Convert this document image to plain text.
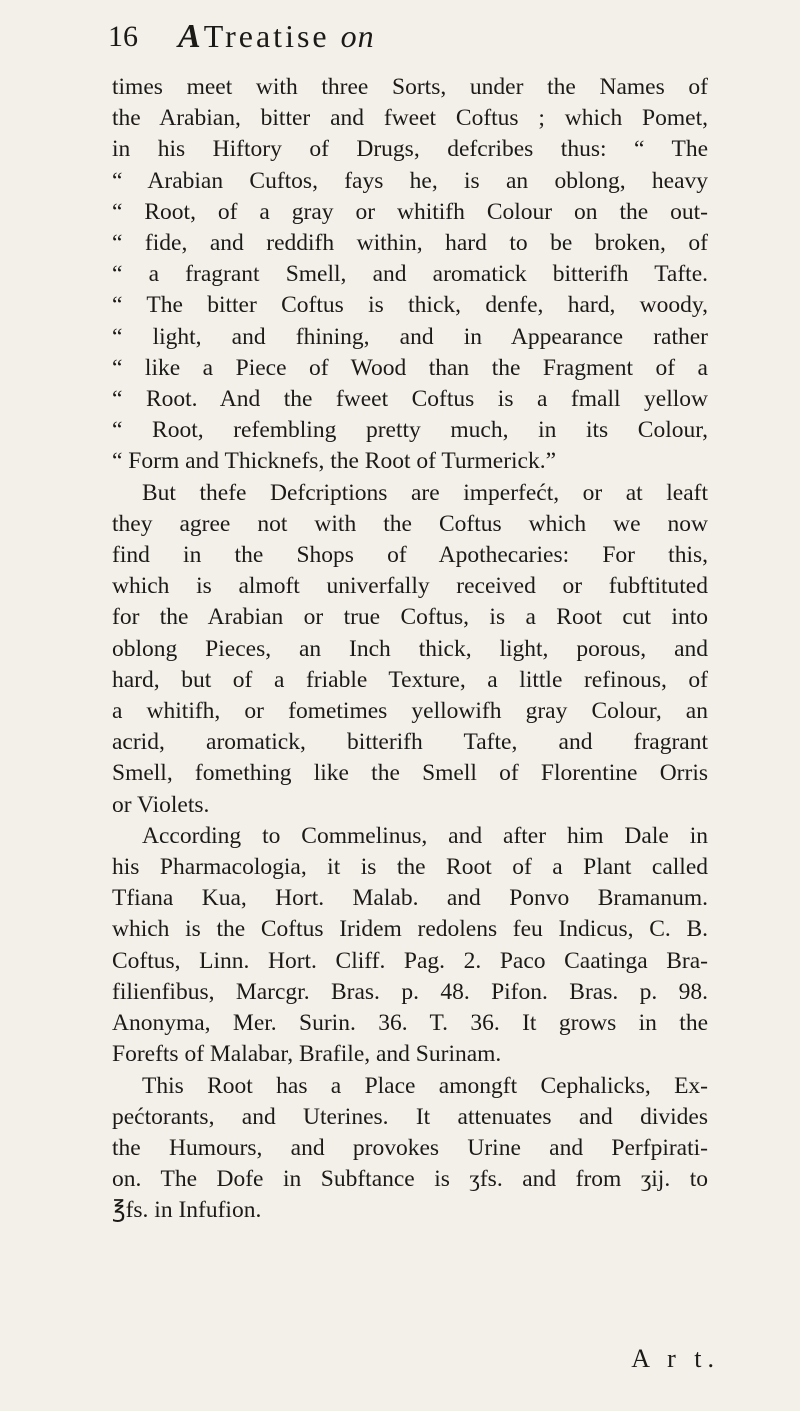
16 ATreatise on
times meet with three Sorts, under the Names of
the Arabian, bitter and fweet Coftus ; which Pomet,
in his Hiftory of Drugs, defcribes thus: “ The
“ Arabian Cuftos, fays he, is an oblong, heavy
“ Root, of a gray or whitifh Colour on the out-
“ fide, and reddifh within, hard to be broken, of
“ a fragrant Smell, and aromatick bitterifh Tafte.
“ The bitter Coftus is thick, denfe, hard, woody,
“ light, and fhining, and in Appearance rather
“ like a Piece of Wood than the Fragment of a
“ Root. And the fweet Coftus is a fmall yellow
“ Root, refembling pretty much, in its Colour,
“ Form and Thicknefs, the Root of Turmerick.”
But thefe Defcriptions are imperfećt, or at leaft
they agree not with the Coftus which we now
find in the Shops of Apothecaries: For this,
which is almoft univerfally received or fubftituted
for the Arabian or true Coftus, is a Root cut into
oblong Pieces, an Inch thick, light, porous, and
hard, but of a friable Texture, a little refinous, of
a whitifh, or fometimes yellowifh gray Colour, an
acrid, aromatick, bitterifh Tafte, and fragrant
Smell, fomething like the Smell of Florentine Orris
or Violets.
According to Commelinus, and after him Dale in
his Pharmacologia, it is the Root of a Plant called
Tfiana Kua, Hort. Malab. and Ponvo Bramanum.
which is the Coftus Iridem redolens feu Indicus, C. B.
Coftus, Linn. Hort. Cliff. Pag. 2. Paco Caatinga Bra-
filienfibus, Marcgr. Bras. p. 48. Pifon. Bras. p. 98.
Anonyma, Mer. Surin. 36. T. 36. It grows in the
Forefts of Malabar, Brafile, and Surinam.
This Root has a Place amongft Cephalicks, Ex-
pećtorants, and Uterines. It attenuates and divides
the Humours, and provokes Urine and Perfpirati-
on. The Dofe in Subftance is ʒfs. and from ʒij. to
℥fs. in Infufion.
A r t.
